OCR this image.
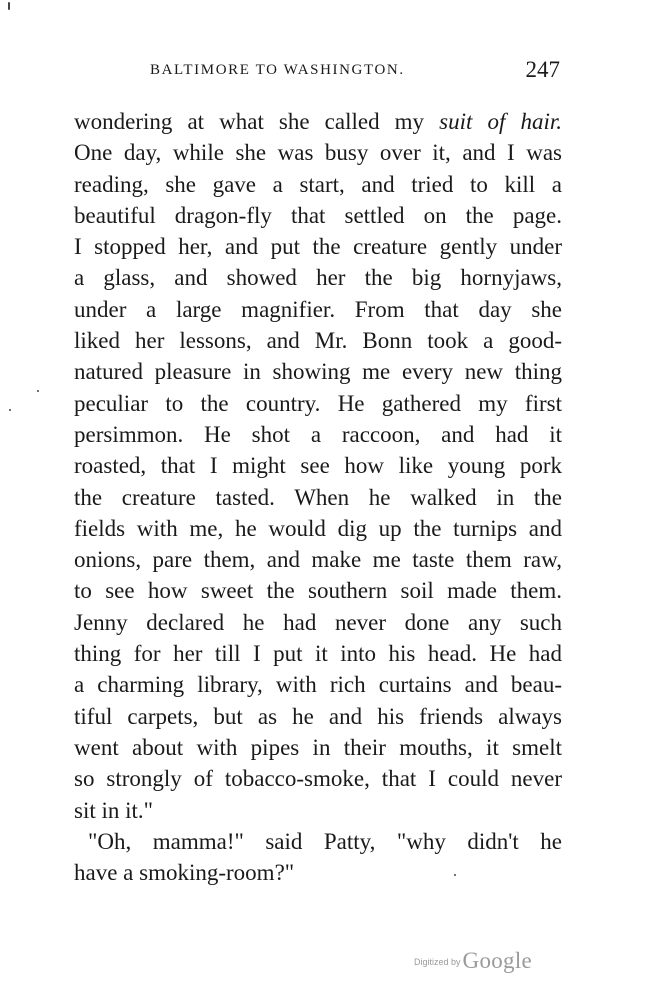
BALTIMORE TO WASHINGTON.	247
wondering at what she called my suit of hair.
One day, while she was busy over it, and I was
reading, she gave a start, and tried to kill a
beautiful dragon-fly that settled on the page.
I stopped her, and put the creature gently under
a glass, and showed her the big hornyjaws,
under a large magnifier. From that day she
liked her lessons, and Mr. Bonn took a good-
natured pleasure in showing me every new thing
peculiar to the country. He gathered my first
persimmon. He shot a raccoon, and had it
roasted, that I might see how like young pork
the creature tasted. When he walked in the
fields with me, he would dig up the turnips and
onions, pare them, and make me taste them raw,
to see how sweet the southern soil made them.
Jenny declared he had never done any such
thing for her till I put it into his head. He had
a charming library, with rich curtains and beau-
tiful carpets, but as he and his friends always
went about with pipes in their mouths, it smelt
so strongly of tobacco-smoke, that I could never
sit in it."
"Oh, mamma!" said Patty, "why didn't he
have a smoking-room?"
Digitized byGoogle
